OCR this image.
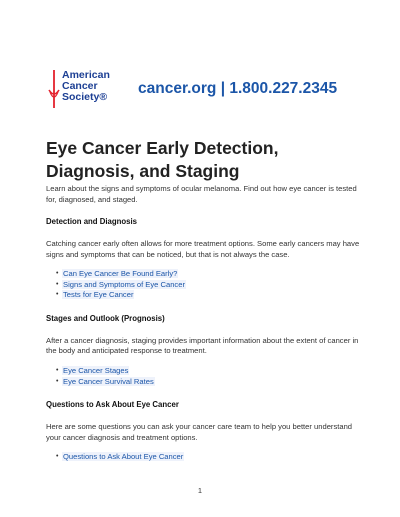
American
Cancer
Society® cancer.org | 1.800.227.2345
Eye Cancer Early Detection, Diagnosis, and Staging

Learn about the signs and symptoms of ocular melanoma. Find out how eye cancer is tested for, diagnosed, and staged.

Detection and Diagnosis

Catching cancer early often allows for more treatment options. Some early cancers may have signs and symptoms that can be noticed, but that is not always the case.

• Can Eye Cancer Be Found Early?
• Signs and Symptoms of Eye Cancer
• Tests for Eye Cancer
Stages and Outlook (Prognosis)

After a cancer diagnosis, staging provides important information about the extent of cancer in the body and anticipated response to treatment.

• Eye Cancer Stages
• Eye Cancer Survival Rates
Questions to Ask About Eye Cancer

Here are some questions you can ask your cancer care team to help you better understand your cancer diagnosis and treatment options.

• Questions to Ask About Eye Cancer
1
